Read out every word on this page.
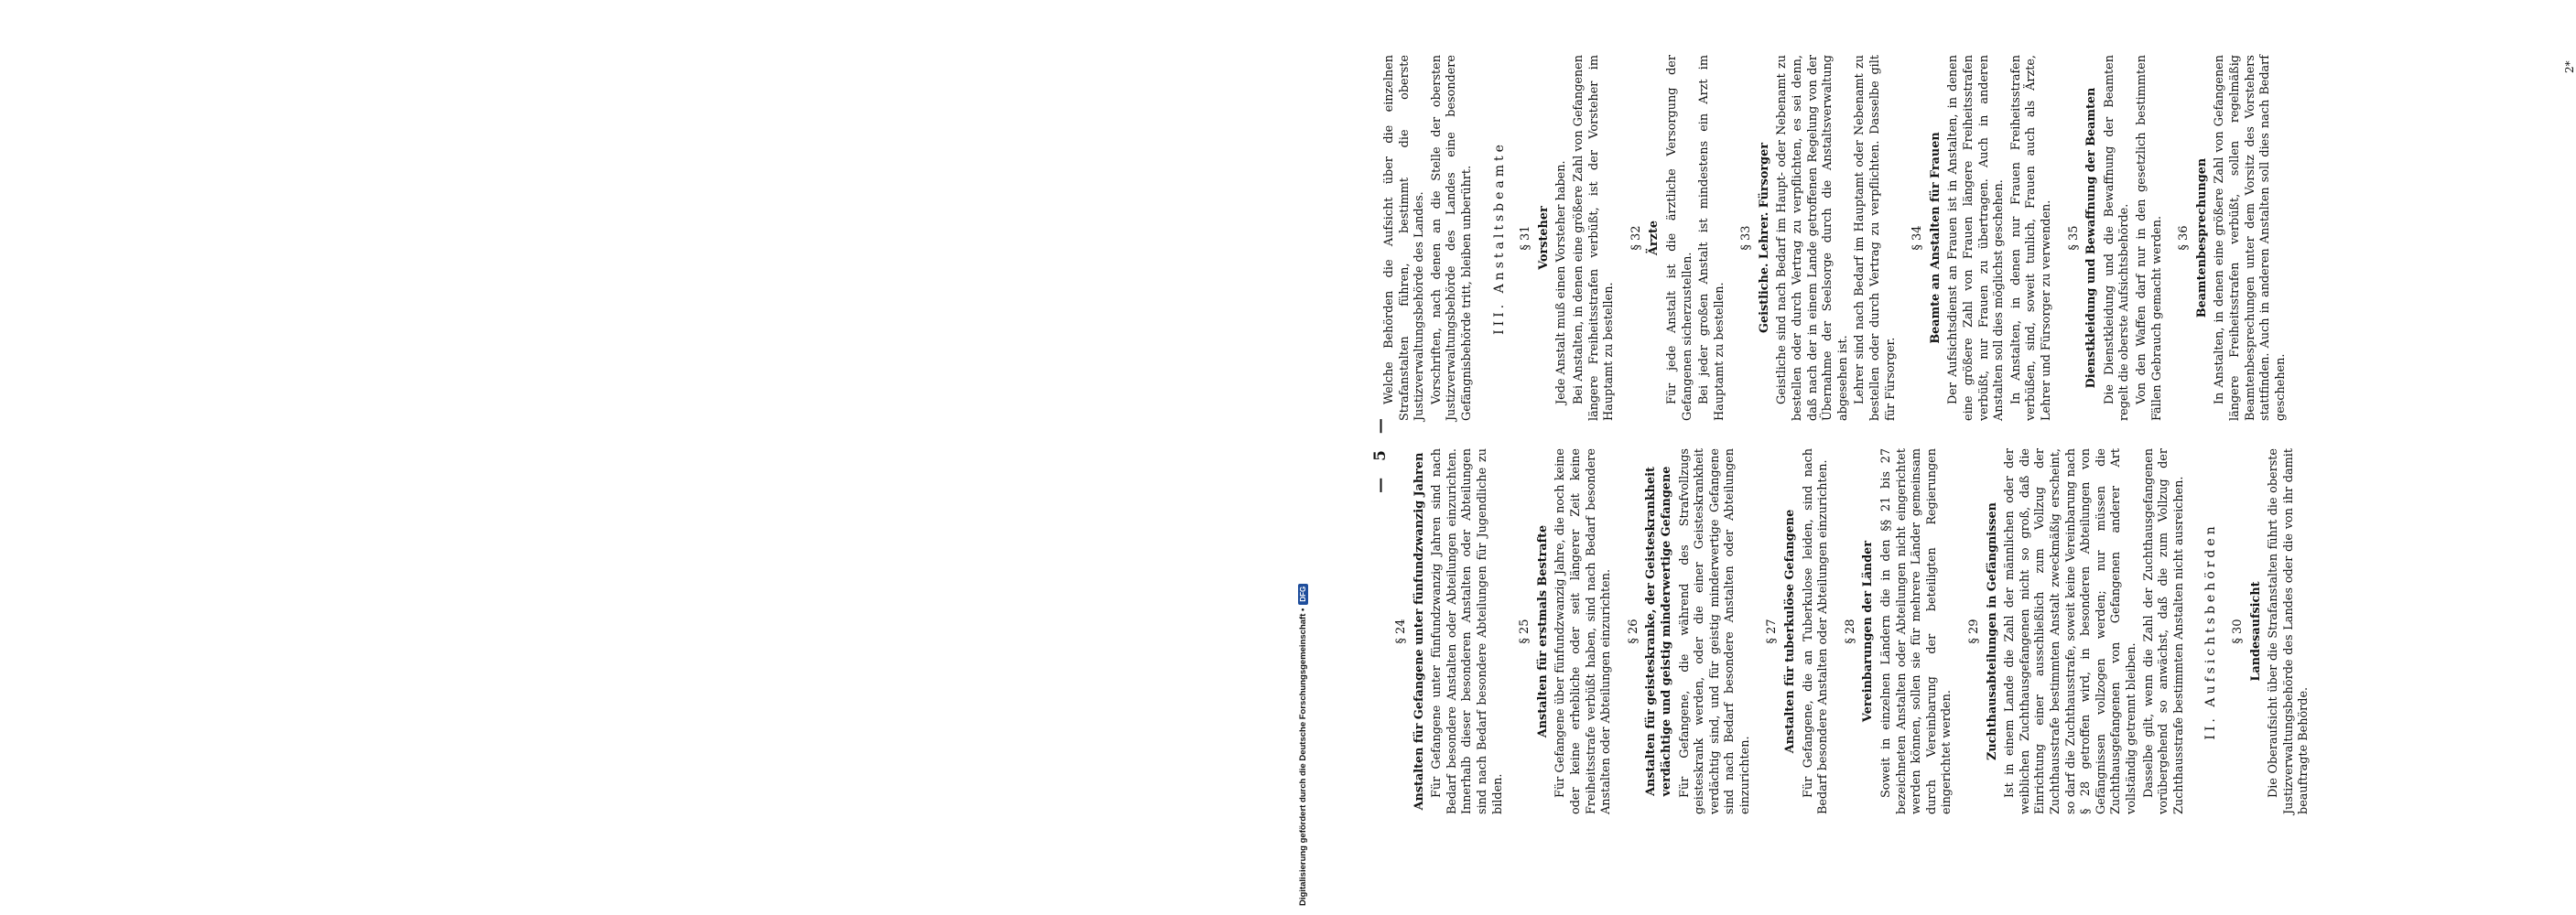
— 5 —
§ 24 Anstalten für Gefangene unter fünfundzwanzig Jahren Für Gefangene unter fünfundzwanzig Jahren sind nach Bedarf besondere Anstalten oder Abteilungen einzurichten. Innerhalb dieser besonderen Anstalten oder Abteilungen sind nach Bedarf besondere Abteilungen für Jugendliche zu bilden.

§ 25 Anstalten für erstmals Bestrafte Für Gefangene über fünfundzwanzig Jahre, die noch keine oder keine erhebliche oder seit längerer Zeit keine Freiheitsstrafe verbüßt haben, sind nach Bedarf besondere Anstalten oder Abteilungen einzurichten. § 26 Anstalten für geisteskranke, der Geisteskrankheit verdächtige und geistig minderwertige Gefangene Für Gefangene, die während des Strafvollzugs geisteskrank werden, oder die einer Geisteskrankheit verdächtig sind, und für geistig minderwertige Gefangene sind nach Bedarf besondere Anstalten oder Abteilungen einzurichten.

§ 27 Anstalten für tuberkulöse Gefangene Für Gefangene, die an Tuberkulose leiden, sind nach Bedarf besondere Anstalten oder Abteilungen einzurichten. § 28 Vereinbarungen der Länder Soweit in einzelnen Ländern die in den §§ 21 bis 27 bezeichneten Anstalten oder Abteilungen nicht eingerichtet werden können, sollen sie für mehrere Länder gemeinsam durch Vereinbarung der beteiligten Regierungen eingerichtet werden.

§ 29 Zuchthausabteilungen in Gefängnissen Ist in einem Lande die Zahl der männlichen oder der weiblichen Zuchthausgefangenen nicht so groß, daß die Einrichtung einer ausschließlich zum Vollzug der Zuchthausstrafe bestimmten Anstalt zweckmäßig erscheint, so darf die Zuchthausstrafe, soweit keine Vereinbarung nach § 28 getroffen wird, in besonderen Abteilungen von Gefängnissen vollzogen werden; nur müssen die Zuchthausgefangenen von Gefangenen anderer Art vollständig getrennt bleiben. Dasselbe gilt, wenn die Zahl der Zuchthausgefangenen vorübergehend so anwächst, daß die zum Vollzug der Zuchthausstrafe bestimmten Anstalten nicht ausreichen. II. Aufsichtsbehörden § 30 Landesaufsicht Die Oberaufsicht über die Strafanstalten führt die oberste Justizverwaltungsbehörde des Landes oder die von ihr damit beauftragte Behörde.

Welche Behörden die Aufsicht über die einzelnen Strafanstalten führen, bestimmt die oberste Justizverwaltungsbehörde des Landes. Vorschriften, nach denen an die Stelle der obersten Justizverwaltungsbehörde des Landes eine besondere Gefängnisbehörde tritt, bleiben unberührt. III. Anstaltsbeamte § 31 Vorsteher Jede Anstalt muß einen Vorsteher haben. Bei Anstalten, in denen eine größere Zahl von Gefangenen längere Freiheitsstrafen verbüßt, ist der Vorsteher im Hauptamt zu bestellen.

§ 32 Ärzte Für jede Anstalt ist die ärztliche Versorgung der Gefangenen sicherzustellen. Bei jeder großen Anstalt ist mindestens ein Arzt im Hauptamt zu bestellen.

§ 33 Geistliche. Lehrer. Fürsorger Geistliche sind nach Bedarf im Haupt- oder Nebenamt zu bestellen oder durch Vertrag zu verpflichten, es sei denn, daß nach der in einem Lande getroffenen Regelung von der Übernahme der Seelsorge durch die Anstaltsverwaltung abgesehen ist. Lehrer sind nach Bedarf im Hauptamt oder Nebenamt zu bestellen oder durch Vertrag zu verpflichten. Dasselbe gilt für Fürsorger.

§ 34 Beamte an Anstalten für Frauen Der Aufsichtsdienst an Frauen ist in Anstalten, in denen eine größere Zahl von Frauen längere Freiheitsstrafen verbüßt, nur Frauen zu übertragen. Auch in anderen Anstalten soll dies möglichst geschehen. In Anstalten, in denen nur Frauen Freiheitsstrafen verbüßen, sind, soweit tunlich, Frauen auch als Ärzte, Lehrer und Fürsorger zu verwenden. § 35 Dienstkleidung und Bewaffnung der Beamten Die Dienstkleidung und die Bewaffnung der Beamten regelt die oberste Aufsichtsbehörde. Von den Waffen darf nur in den gesetzlich bestimmten Fällen Gebrauch gemacht werden. § 36 Beamtenbesprechungen In Anstalten, in denen eine größere Zahl von Gefangenen längere Freiheitsstrafen verbüßt, sollen regelmäßig Beamtenbesprechungen unter dem Vorsitz des Vorstehers stattfinden. Auch in anderen Anstalten soll dies nach Bedarf geschehen.

2*
Digitalisierung gefördert durch die Deutsche Forschungsgemeinschaft •
DFG
